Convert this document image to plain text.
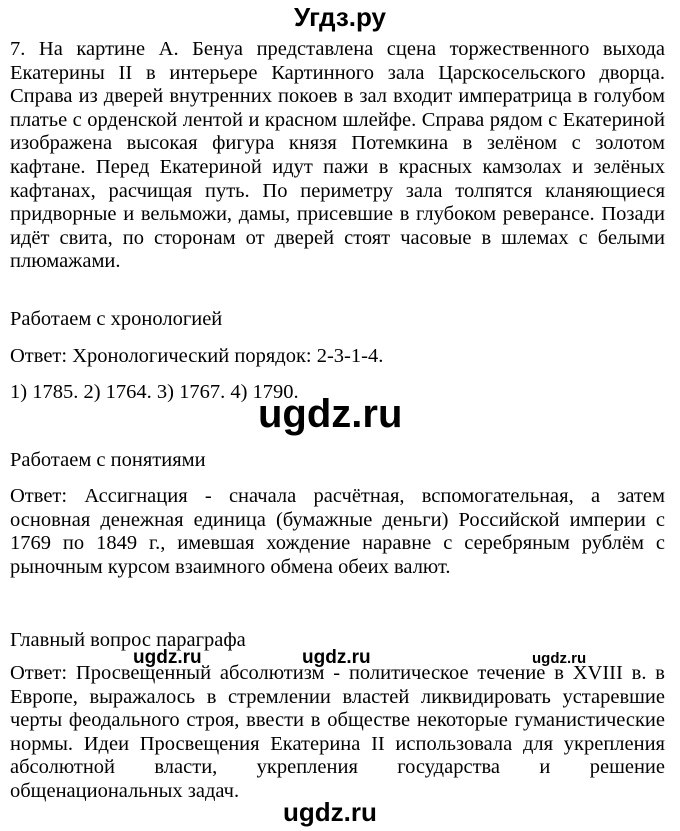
Угдз.ру

7. На картине А. Бенуа представлена сцена торжественного выхода Екатерины II в интерьере Картинного зала Царскосельского дворца. Справа из дверей внутренних покоев в зал входит императрица в голубом платье с орденской лентой и красном шлейфе. Справа рядом с Екатериной изображена высокая фигура князя Потемкина в зелёном с золотом кафтане. Перед Екатериной идут пажи в красных камзолах и зелёных кафтанах, расчищая путь. По периметру зала толпятся кланяющиеся придворные и вельможи, дамы, присевшие в глубоком реверансе. Позади идёт свита, по сторонам от дверей стоят часовые в шлемах с белыми плюмажами.

Работаем с хронологией

Ответ: Хронологический порядок: 2-3-1-4.

1) 1785. 2) 1764. 3) 1767. 4) 1790.

ugdz.ru

Работаем с понятиями

Ответ: Ассигнация - сначала расчётная, вспомогательная, а затем основная денежная единица (бумажные деньги) Российской империи с 1769 по 1849 г., имевшая хождение наравне с серебряным рублём с рыночным курсом взаимного обмена обеих валют.

Главный вопрос параграфа

Ответ: Просвещенный абсолютизм - политическое течение в XVIII в. в Европе, выражалось в стремлении властей ликвидировать устаревшие черты феодального строя, ввести в обществе некоторые гуманистические нормы. Идеи Просвещения Екатерина II использовала для укрепления абсолютной власти, укрепления государства и решение общенациональных задач.

ugdz.ru	ugdz.ru	ugdz.ru
ugdz.ru
